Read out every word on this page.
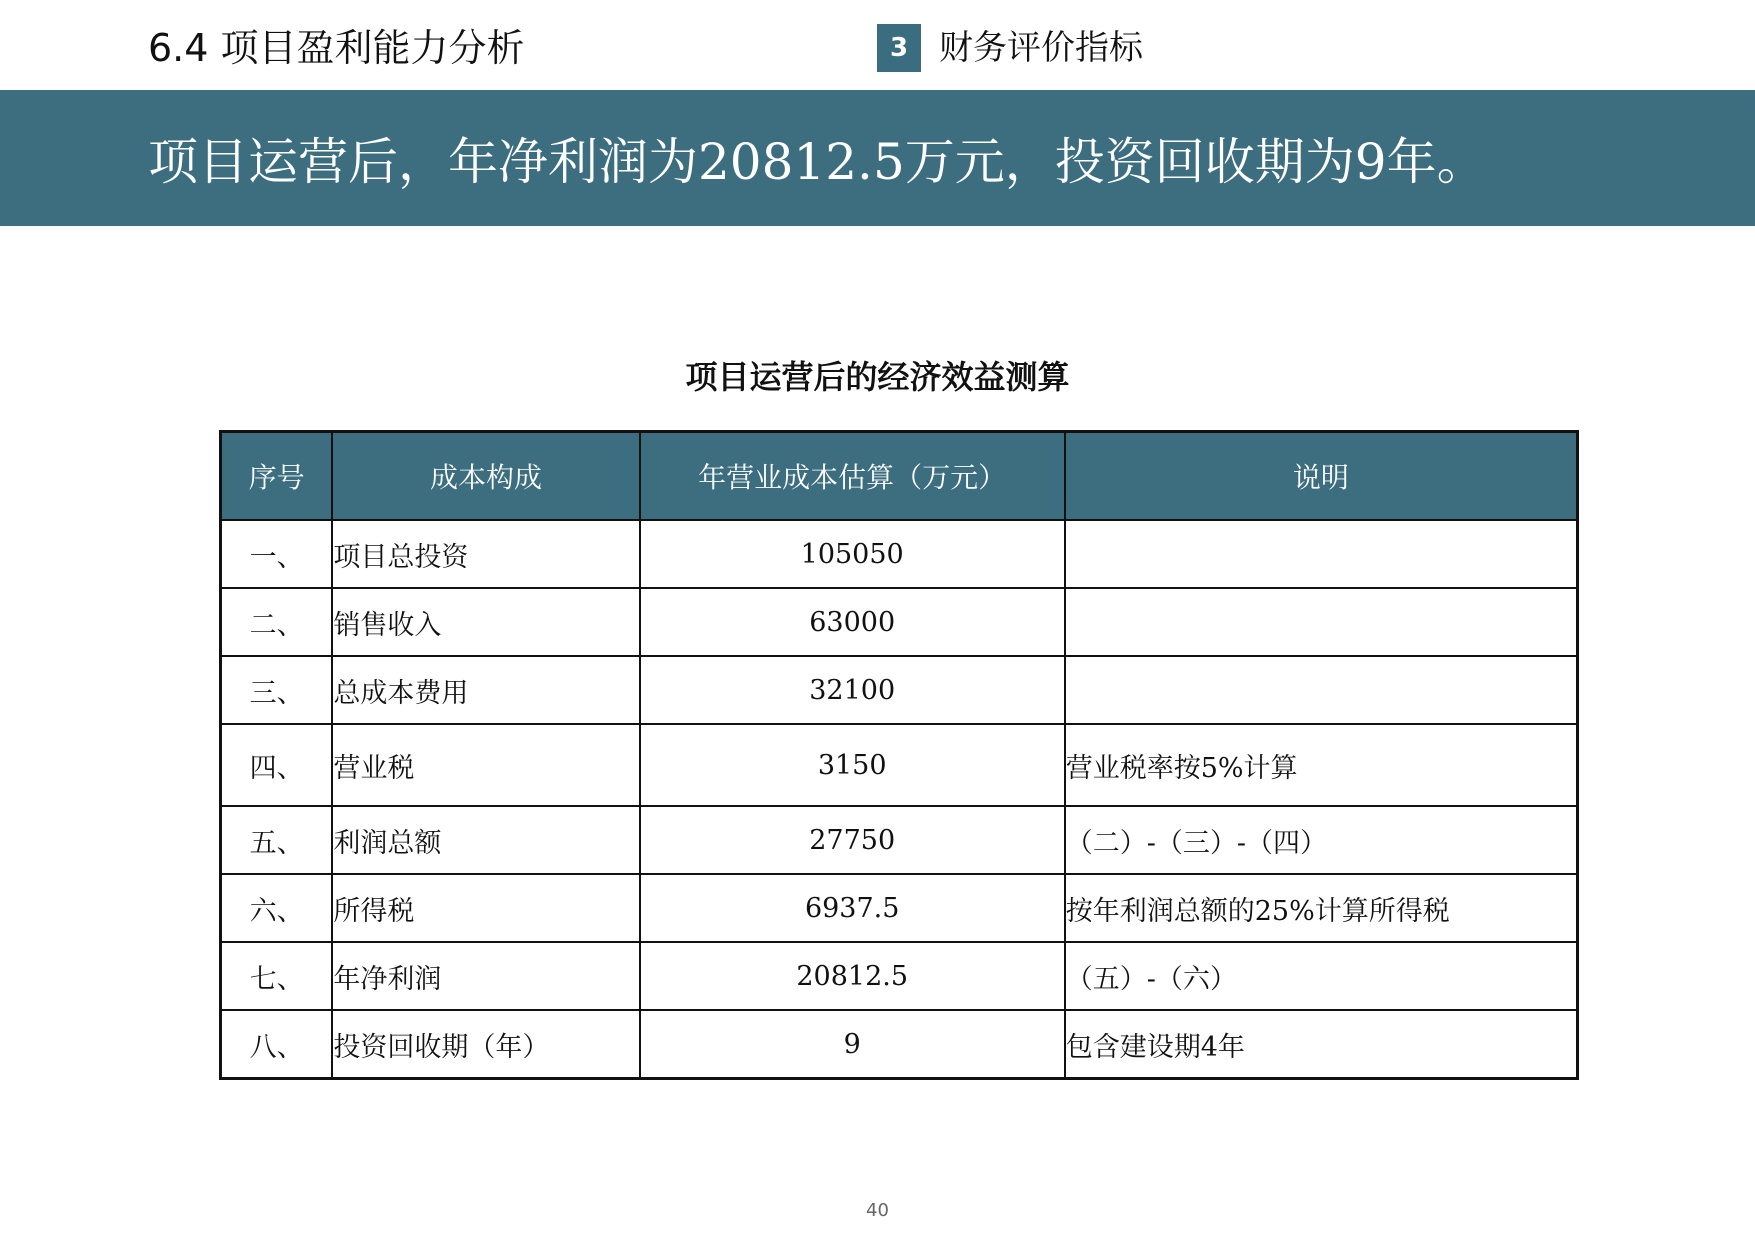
6.4 项目盈利能力分析	3 财务评价指标
项目运营后，年净利润为20812.5万元，投资回收期为9年。
项目运营后的经济效益测算
序号	成本构成	年营业成本估算（万元）	说明
一、	项目总投资	105050	
二、	销售收入	63000	
三、	总成本费用	32100	
四、	营业税	3150	营业税率按5%计算
五、	利润总额	27750	（二）-（三）-（四）
六、	所得税	6937.5	按年利润总额的25%计算所得税
七、	年净利润	20812.5	（五）-（六）
八、	投资回收期（年）	9	包含建设期4年
40
